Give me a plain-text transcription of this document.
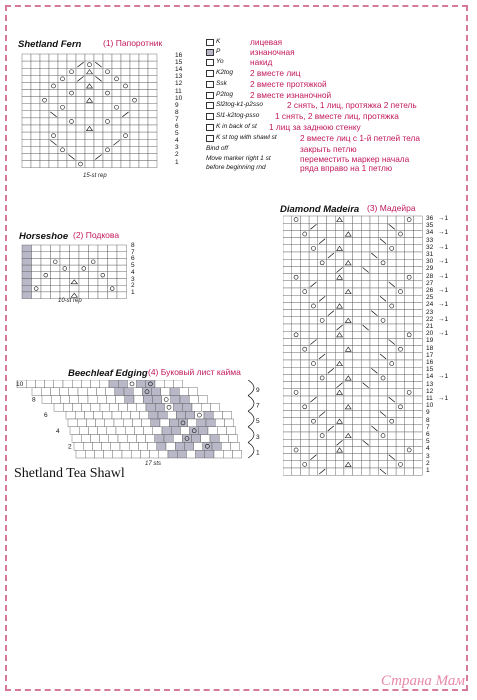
Shetland Fern	(1) Папоротник
16
15
14
13
12
11
10
9
8
7
6
5
4
3
2
1
15-st rep
K	лицевая
P	изнаночная
Yo	накид
K2tog 2 вместе лиц
Ssk	2 вместе протяжкой
P2tog 2 вместе изнаночной
Sl2tog-k1-p2sso	2 снять, 1 лиц, протяжка 2 петель
Sl1-k2tog-psso 1 снять, 2 вместе лиц, протяжка
K in back of st 1 лиц за заднюю стенку
K st tog with shawl st	2 вместе лиц с 1-й петлей тела
Bind off	закрыть петлю
Move marker right 1 st	переместить маркер начала
before beginning rnd	ряда вправо на 1 петлю
Horseshoe (2) Подкова
8
7
6
5
4
3
2
1
10-st rep
Diamond Madeira (3) Мадейра
36
35
34
33
32
31
30
29
28
27
26
25
24
23
22
21
20
19
18
17
16
15
14
13
12
11
10
9
8
7
6
5
4
3
2
1
→1
→1
→1
→1
→1
→1
→1
→1
→1
→1
→1
Beechleaf Edging (4) Буковый лист кайма
10
8
6
4
2
9
7
5
3
1
17 sts
Shetland Tea Shawl
Страна Мам
